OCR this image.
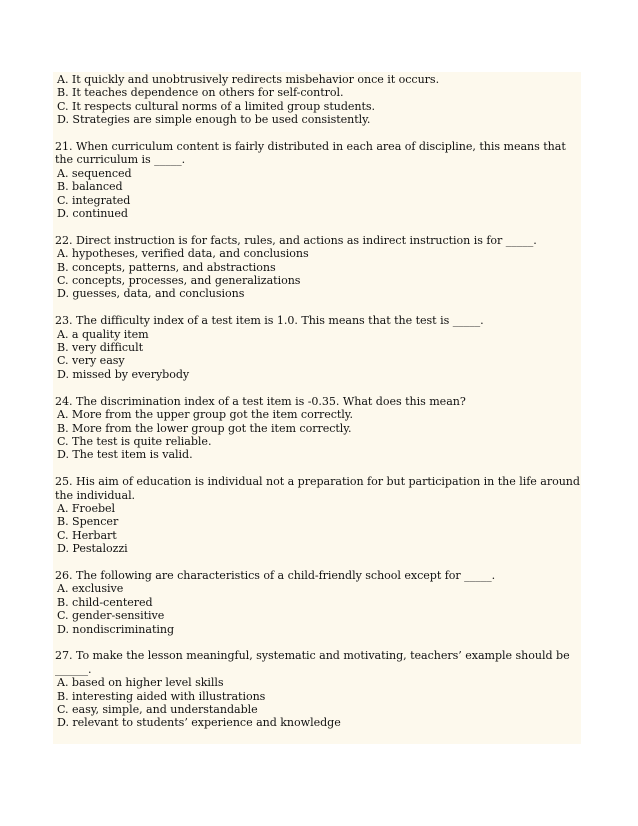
A. It quickly and unobtrusively redirects misbehavior once it occurs.
B. It teaches dependence on others for self-control.
C. It respects cultural norms of a limited group students.
D. Strategies are simple enough to be used consistently.
21. When curriculum content is fairly distributed in each area of discipline, this means that the curriculum is _____.
A. sequenced
B. balanced
C. integrated
D. continued
22. Direct instruction is for facts, rules, and actions as indirect instruction is for _____.
A. hypotheses, verified data, and conclusions
B. concepts, patterns, and abstractions
C. concepts, processes, and generalizations
D. guesses, data, and conclusions
23. The difficulty index of a test item is 1.0. This means that the test is _____.
A. a quality item
B. very difficult
C. very easy
D. missed by everybody
24. The discrimination index of a test item is -0.35. What does this mean?
A. More from the upper group got the item correctly.
B. More from the lower group got the item correctly.
C. The test is quite reliable.
D. The test item is valid.
25. His aim of education is individual not a preparation for but participation in the life around the individual.
A. Froebel
B. Spencer
C. Herbart
D. Pestalozzi
26. The following are characteristics of a child-friendly school except for _____.
A. exclusive
B. child-centered
C. gender-sensitive
D. nondiscriminating
27. To make the lesson meaningful, systematic and motivating, teachers’ example should be ______.
A. based on higher level skills
B. interesting aided with illustrations
C. easy, simple, and understandable
D. relevant to students’ experience and knowledge
